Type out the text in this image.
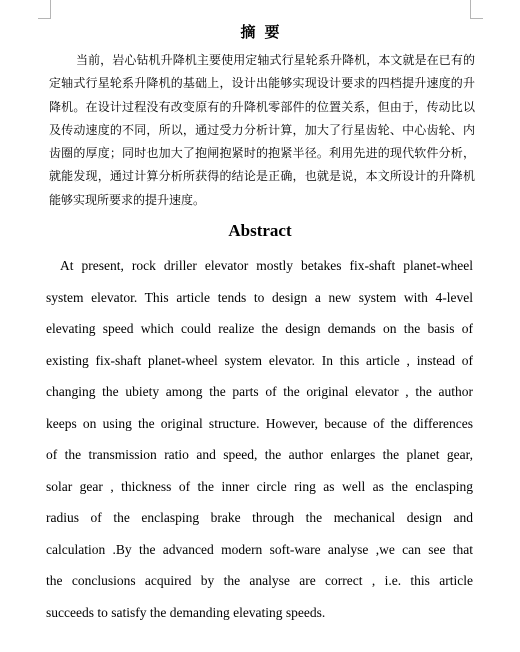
摘要
当前，岩心钻机升降机主要使用定轴式行星轮系升降机，本文就是在已有的
定轴式行星轮系升降机的基础上，设计出能够实现设计要求的四档提升速度的升
降机。在设计过程没有改变原有的升降机零部件的位置关系，但由于，传动比以
及传动速度的不同，所以，通过受力分析计算，加大了行星齿轮、中心齿轮、内
齿圈的厚度；同时也加大了抱闸抱紧时的抱紧半径。利用先进的现代软件分析，
就能发现，通过计算分析所获得的结论是正确，也就是说，本文所设计的升降机
能够实现所要求的提升速度。
Abstract
At present, rock driller elevator mostly betakes fix-shaft planet-wheel
system elevator. This article tends to design a new system with 4-level
elevating speed which could realize the design demands on the basis of
existing fix-shaft planet-wheel system elevator. In this article , instead of
changing the ubiety among the parts of the original elevator , the author
keeps on using the original structure. However, because of the differences
of the transmission ratio and speed, the author enlarges the planet gear,
solar gear , thickness of the inner circle ring as well as the enclasping
radius of the enclasping brake through the mechanical design and
calculation .By the advanced modern soft-ware analyse ,we can see that
the conclusions acquired by the analyse are correct , i.e. this article
succeeds to satisfy the demanding elevating speeds.
